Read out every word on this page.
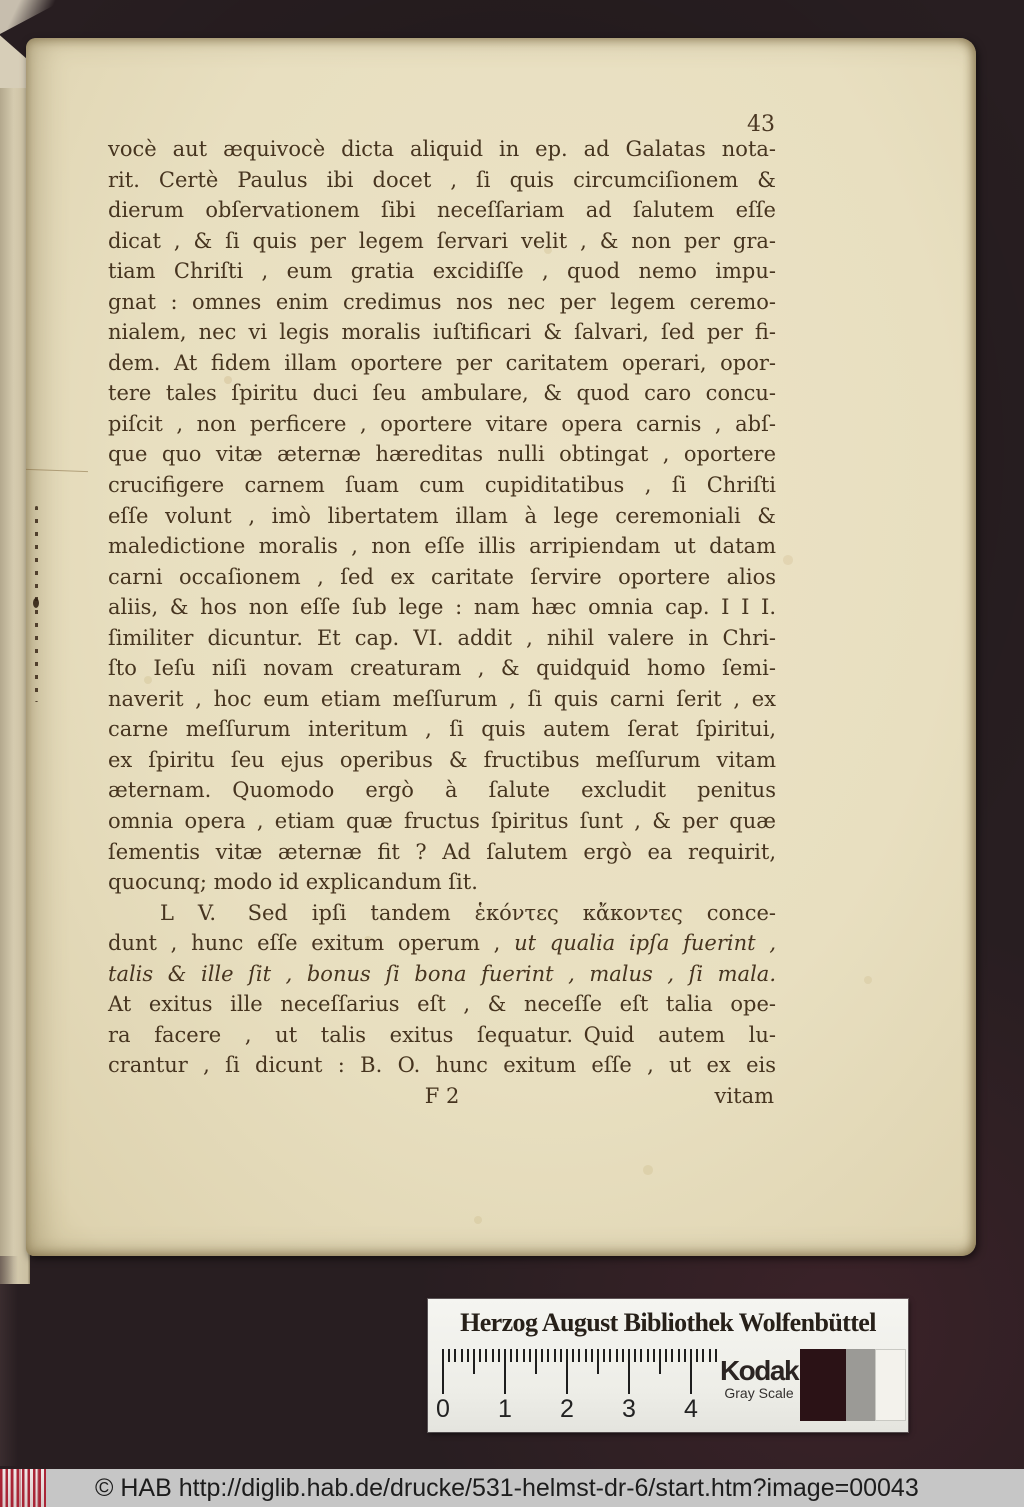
43
vocè aut æquivocè dicta aliquid in ep. ad Galatas nota-
rit. Certè Paulus ibi docet , ſi quis circumciſionem &
dierum obſervationem ſibi neceſſariam ad ſalutem eſſe
dicat , & ſi quis per legem ſervari velit , & non per gra-
tiam Chriſti , eum gratia excidiſſe , quod nemo impu-
gnat : omnes enim credimus nos nec per legem ceremo-
nialem, nec vi legis moralis iuſtificari & ſalvari, ſed per fi-
dem. At fidem illam oportere per caritatem operari, opor-
tere tales ſpiritu duci ſeu ambulare, & quod caro concu-
piſcit , non perficere , oportere vitare opera carnis , abſ-
que quo vitæ æternæ hæreditas nulli obtingat , oportere
crucifigere carnem ſuam cum cupiditatibus , ſi Chriſti
eſſe volunt , imò libertatem illam à lege ceremoniali &
maledictione moralis , non eſſe illis arripiendam ut datam
carni occaſionem , ſed ex caritate ſervire oportere alios
aliis, & hos non eſſe ſub lege : nam hæc omnia cap. I I I.
ſimiliter dicuntur. Et cap. VI. addit , nihil valere in Chri-
ſto Ieſu niſi novam creaturam , & quidquid homo ſemi-
naverit , hoc eum etiam meſſurum , ſi quis carni ſerit , ex
carne meſſurum interitum , ſi quis autem ſerat ſpiritui,
ex ſpiritu ſeu ejus operibus & fructibus meſſurum vitam
æternam. Quomodo ergò à ſalute excludit penitus
omnia opera , etiam quæ fructus ſpiritus ſunt , & per quæ
ſementis vitæ æternæ fit ? Ad ſalutem ergò ea requirit,
quocunq; modo id explicandum ſit.
L V.  Sed ipſi tandem ἑκόντες κἄκοντες conce-
dunt , hunc eſſe exitum operum , ut qualia ipſa fuerint ,
talis & ille ſit , bonus ſi bona fuerint , malus , ſi mala.
At exitus ille neceſſarius eſt , & neceſſe eſt talia ope-
ra facere , ut talis exitus ſequatur. Quid autem lu-
crantur , ſi dicunt : B. O. hunc exitum eſſe , ut ex eis
F 2	vitam
Herzog August Bibliothek Wolfenbüttel
0 1 2 3 4
Kodak
Gray Scale
© HAB http://diglib.hab.de/drucke/531-helmst-dr-6/start.htm?image=00043
